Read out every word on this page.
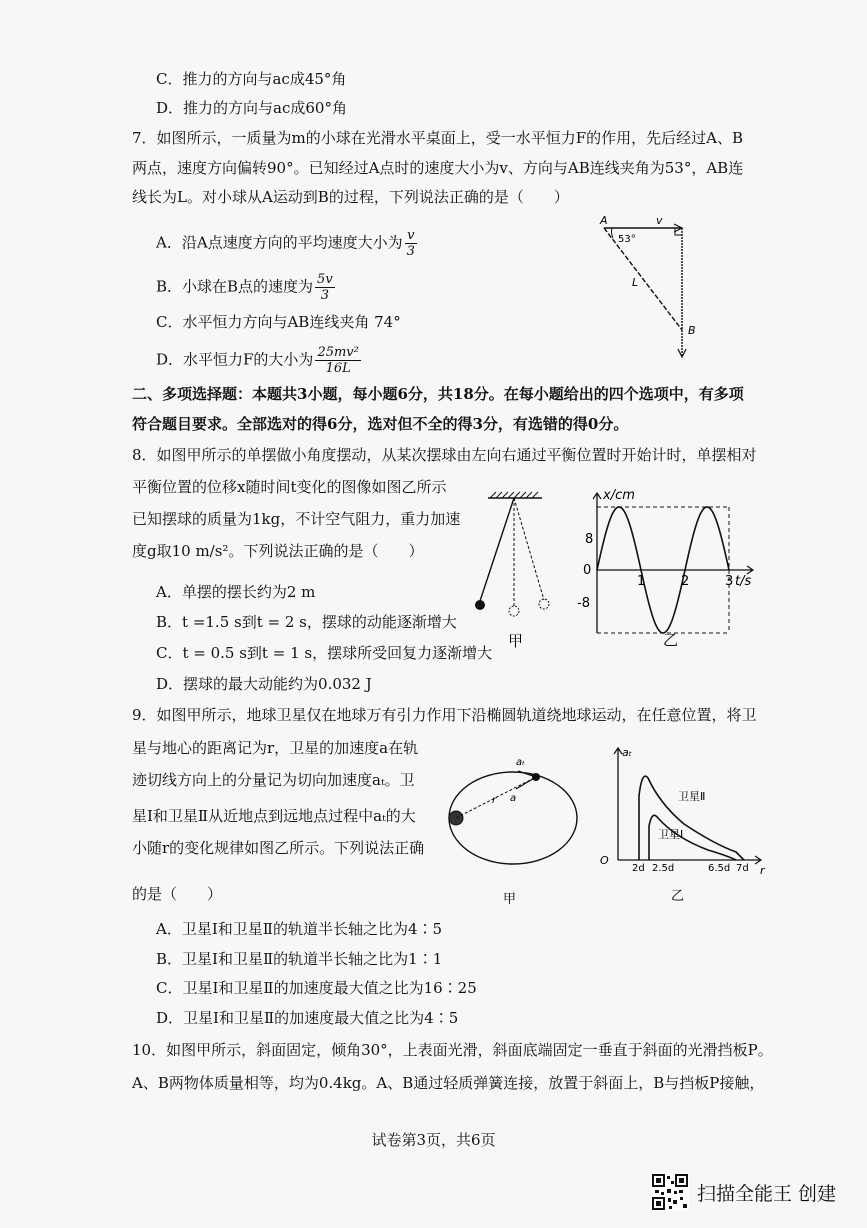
C．推力的方向与ac成45°角
D．推力的方向与ac成60°角
7．如图所示，一质量为m的小球在光滑水平桌面上，受一水平恒力F的作用，先后经过A、B
两点，速度方向偏转90°。已知经过A点时的速度大小为v、方向与AB连线夹角为53°，AB连
线长为L。对小球从A运动到B的过程，下列说法正确的是（　　）
A．沿A点速度方向的平均速度大小为 $\frac{v}{3}$
B．小球在B点的速度为 $\frac{5v}{3}$
C．水平恒力方向与AB连线夹角 74°
D．水平恒力F的大小为 $\frac{\text{25mv²}}{16L}$
A	v
53°
L
B
二、多项选择题：本题共3小题，每小题6分，共18分。在每小题给出的四个选项中，有多项
符合题目要求。全部选对的得6分，选对但不全的得3分，有选错的得0分。
8．如图甲所示的单摆做小角度摆动，从某次摆球由左向右通过平衡位置时开始计时，单摆相对
平衡位置的位移x随时间t变化的图像如图乙所示
已知摆球的质量为1kg，不计空气阻力，重力加速
度g取10 m/s²。下列说法正确的是（　　）
A．单摆的摆长约为2 m
B．t =1.5 s到t = 2 s，摆球的动能逐渐增大
C．t = 0.5 s到t = 1 s，摆球所受回复力逐渐增大
D．摆球的最大动能约为0.032 J
甲
1	2	3
x/cm
t/s
0
8
-8
乙
9．如图甲所示，地球卫星仅在地球万有引力作用下沿椭圆轨道绕地球运动，在任意位置，将卫
星与地心的距离记为r，卫星的加速度a在轨
迹切线方向上的分量记为切向加速度aₜ。卫
星Ⅰ和卫星Ⅱ从近地点到远地点过程中aₜ的大
小随r的变化规律如图乙所示。下列说法正确
的是（　　）
A．卫星Ⅰ和卫星Ⅱ的轨道半长轴之比为4∶5
B．卫星Ⅰ和卫星Ⅱ的轨道半长轴之比为1∶1
C．卫星Ⅰ和卫星Ⅱ的加速度最大值之比为16∶25
D．卫星Ⅰ和卫星Ⅱ的加速度最大值之比为4∶5
aₜ
r a
甲
aₜ
r
O
2d 2.5d	6.5d 7d
卫星Ⅱ
卫星Ⅰ
乙
10．如图甲所示，斜面固定，倾角30°，上表面光滑，斜面底端固定一垂直于斜面的光滑挡板P。
A、B两物体质量相等，均为0.4kg。A、B通过轻质弹簧连接，放置于斜面上，B与挡板P接触，
试卷第3页，共6页
扫描全能王 创建
